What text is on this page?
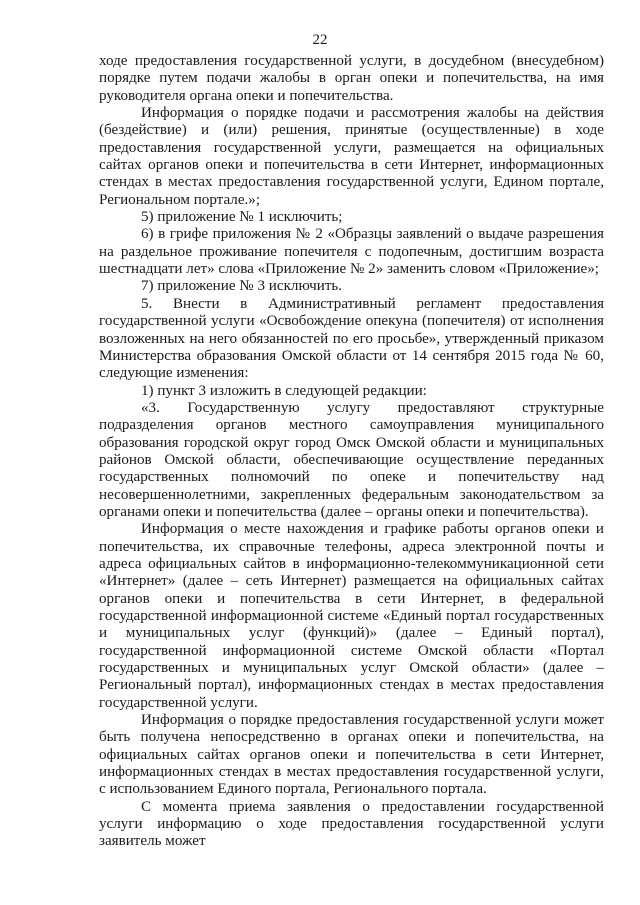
22

ходе предоставления государственной услуги, в досудебном (внесудебном) порядке путем подачи жалобы в орган опеки и попечительства, на имя руководителя органа опеки и попечительства.

Информация о порядке подачи и рассмотрения жалобы на действия (бездействие) и (или) решения, принятые (осуществленные) в ходе предоставления государственной услуги, размещается на официальных сайтах органов опеки и попечительства в сети Интернет, информационных стендах в местах предоставления государственной услуги, Едином портале, Региональном портале.»;

5) приложение № 1 исключить;

6) в грифе приложения № 2 «Образцы заявлений о выдаче разрешения на раздельное проживание попечителя с подопечным, достигшим возраста шестнадцати лет» слова «Приложение № 2» заменить словом «Приложение»;

7) приложение № 3 исключить.

5. Внести в Административный регламент предоставления государственной услуги «Освобождение опекуна (попечителя) от исполнения возложенных на него обязанностей по его просьбе», утвержденный приказом Министерства образования Омской области от 14 сентября 2015 года № 60, следующие изменения:

1) пункт 3 изложить в следующей редакции:

«3. Государственную услугу предоставляют структурные подразделения органов местного самоуправления муниципального образования городской округ город Омск Омской области и муниципальных районов Омской области, обеспечивающие осуществление переданных государственных полномочий по опеке и попечительству над несовершеннолетними, закрепленных федеральным законодательством за органами опеки и попечительства (далее – органы опеки и попечительства).

Информация о месте нахождения и графике работы органов опеки и попечительства, их справочные телефоны, адреса электронной почты и адреса официальных сайтов в информационно-телекоммуникационной сети «Интернет» (далее – сеть Интернет) размещается на официальных сайтах органов опеки и попечительства в сети Интернет, в федеральной государственной информационной системе «Единый портал государственных и муниципальных услуг (функций)» (далее – Единый портал), государственной информационной системе Омской области «Портал государственных и муниципальных услуг Омской области» (далее – Региональный портал), информационных стендах в местах предоставления государственной услуги.

Информация о порядке предоставления государственной услуги может быть получена непосредственно в органах опеки и попечительства, на официальных сайтах органов опеки и попечительства в сети Интернет, информационных стендах в местах предоставления государственной услуги, с использованием Единого портала, Регионального портала.

С момента приема заявления о предоставлении государственной услуги информацию о ходе предоставления государственной услуги заявитель может
